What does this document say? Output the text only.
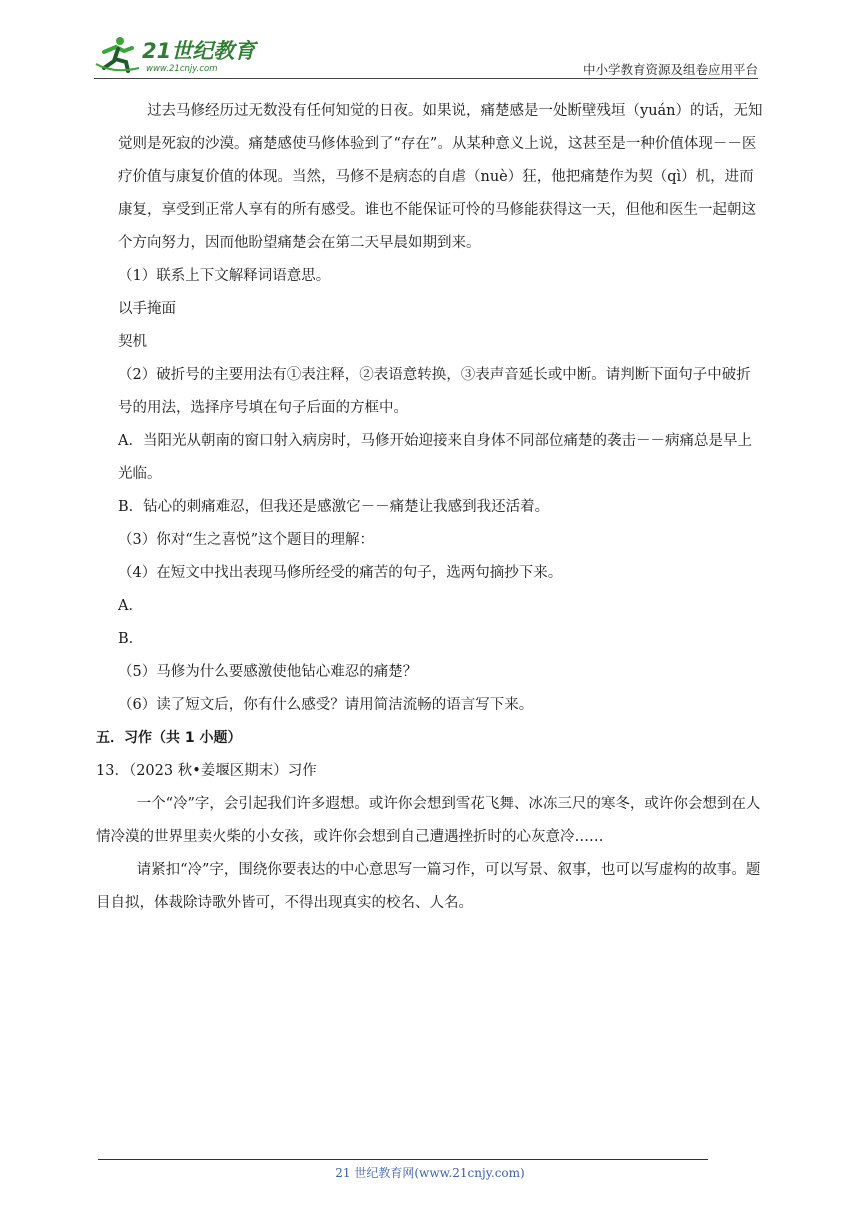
21世纪教育
www.21cnjy.com	中小学教育资源及组卷应用平台

过去马修经历过无数没有任何知觉的日夜。如果说，痛楚感是一处断壁残垣（yuán）的话，无知觉则是死寂的沙漠。痛楚感使马修体验到了“存在”。从某种意义上说，这甚至是一种价值体现－－医疗价值与康复价值的体现。当然，马修不是病态的自虐（nuè）狂，他把痛楚作为契（qì）机，进而康复，享受到正常人享有的所有感受。谁也不能保证可怜的马修能获得这一天，但他和医生一起朝这个方向努力，因而他盼望痛楚会在第二天早晨如期到来。

（1）联系上下文解释词语意思。

以手掩面

契机

（2）破折号的主要用法有①表注释，②表语意转换，③表声音延长或中断。请判断下面句子中破折号的用法，选择序号填在句子后面的方框中。

A．当阳光从朝南的窗口射入病房时，马修开始迎接来自身体不同部位痛楚的袭击－－病痛总是早上光临。

B．钻心的刺痛难忍，但我还是感激它－－痛楚让我感到我还活着。

（3）你对“生之喜悦”这个题目的理解：

（4）在短文中找出表现马修所经受的痛苦的句子，选两句摘抄下来。

A．

B．

（5）马修为什么要感激使他钻心难忍的痛楚？

（6）读了短文后，你有什么感受？请用简洁流畅的语言写下来。

五．习作（共 1 小题）

13．（2023 秋•姜堰区期末）习作

一个“冷”字，会引起我们许多遐想。或许你会想到雪花飞舞、冰冻三尺的寒冬，或许你会想到在人情冷漠的世界里卖火柴的小女孩，或许你会想到自己遭遇挫折时的心灰意冷……

请紧扣“冷”字，围绕你要表达的中心意思写一篇习作，可以写景、叙事，也可以写虚构的故事。题目自拟，体裁除诗歌外皆可，不得出现真实的校名、人名。

21 世纪教育网(www.21cnjy.com)
